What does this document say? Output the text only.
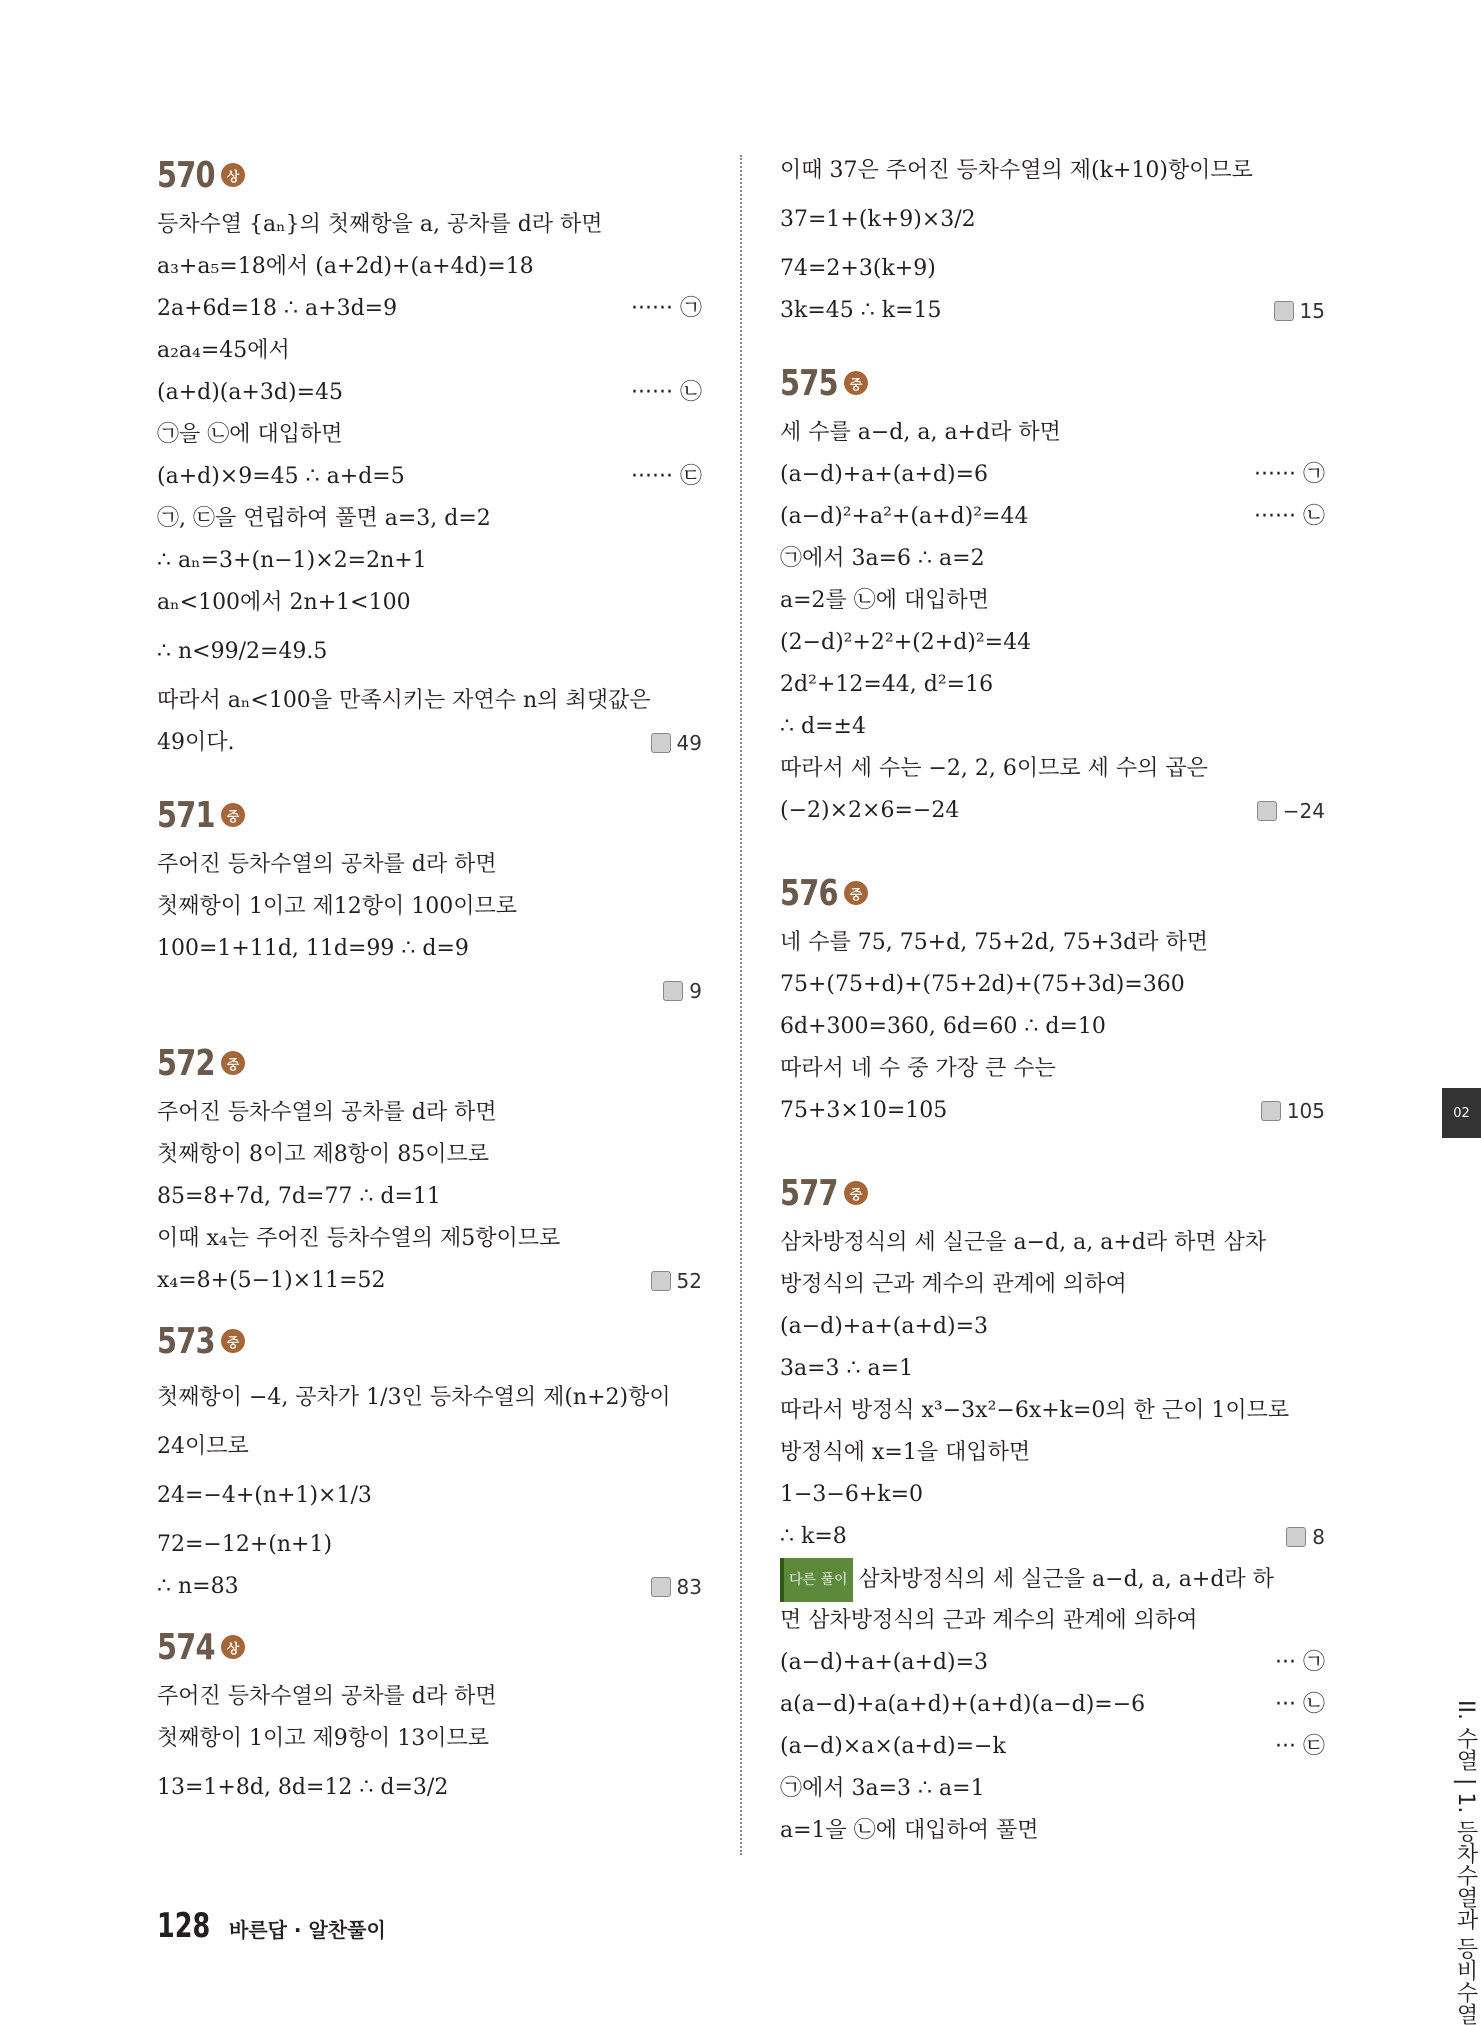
570 상
등차수열 {aₙ}의 첫째항을 a, 공차를 d라 하면
a₃+a₅=18에서 (a+2d)+(a+4d)=18
2a+6d=18 ∴ a+3d=9	······ ㉠
a₂a₄=45에서
(a+d)(a+3d)=45	······ ㉡
㉠을 ㉡에 대입하면
(a+d)×9=45 ∴ a+d=5	······ ㉢
㉠, ㉢을 연립하여 풀면 a=3, d=2
∴ aₙ=3+(n−1)×2=2n+1
aₙ<100에서 2n+1<100
∴ n<99/2=49.5
따라서 aₙ<100을 만족시키는 자연수 n의 최댓값은
49이다.	49
571 중
주어진 등차수열의 공차를 d라 하면
첫째항이 1이고 제12항이 100이므로
100=1+11d, 11d=99 ∴ d=9
9
572 중
주어진 등차수열의 공차를 d라 하면
첫째항이 8이고 제8항이 85이므로
85=8+7d, 7d=77 ∴ d=11
이때 x₄는 주어진 등차수열의 제5항이므로
x₄=8+(5−1)×11=52	52
573 중
첫째항이 −4, 공차가 1/3인 등차수열의 제(n+2)항이
24이므로
24=−4+(n+1)×1/3
72=−12+(n+1)
∴ n=83	83
574 상
주어진 등차수열의 공차를 d라 하면
첫째항이 1이고 제9항이 13이므로
13=1+8d, 8d=12 ∴ d=3/2
이때 37은 주어진 등차수열의 제(k+10)항이므로
37=1+(k+9)×3/2
74=2+3(k+9)
3k=45 ∴ k=15	15
575 중
세 수를 a−d, a, a+d라 하면
(a−d)+a+(a+d)=6	······ ㉠
(a−d)²+a²+(a+d)²=44	······ ㉡
㉠에서 3a=6 ∴ a=2
a=2를 ㉡에 대입하면
(2−d)²+2²+(2+d)²=44
2d²+12=44, d²=16
∴ d=±4
따라서 세 수는 −2, 2, 6이므로 세 수의 곱은
(−2)×2×6=−24	−24
576 중
네 수를 75, 75+d, 75+2d, 75+3d라 하면
75+(75+d)+(75+2d)+(75+3d)=360
6d+300=360, 6d=60 ∴ d=10
따라서 네 수 중 가장 큰 수는
75+3×10=105	105
577 중
삼차방정식의 세 실근을 a−d, a, a+d라 하면 삼차
방정식의 근과 계수의 관계에 의하여
(a−d)+a+(a+d)=3
3a=3 ∴ a=1
따라서 방정식 x³−3x²−6x+k=0의 한 근이 1이므로
방정식에 x=1을 대입하면
1−3−6+k=0
∴ k=8	8
다른 풀이 삼차방정식의 세 실근을 a−d, a, a+d라 하
면 삼차방정식의 근과 계수의 관계에 의하여
(a−d)+a+(a+d)=3	··· ㉠
a(a−d)+a(a+d)+(a+d)(a−d)=−6	··· ㉡
(a−d)×a×(a+d)=−k	··· ㉢
㉠에서 3a=3 ∴ a=1
a=1을 ㉡에 대입하여 풀면
02
II. 수열 | 1. 등차수열과 등비수열
128 바른답 · 알찬풀이
